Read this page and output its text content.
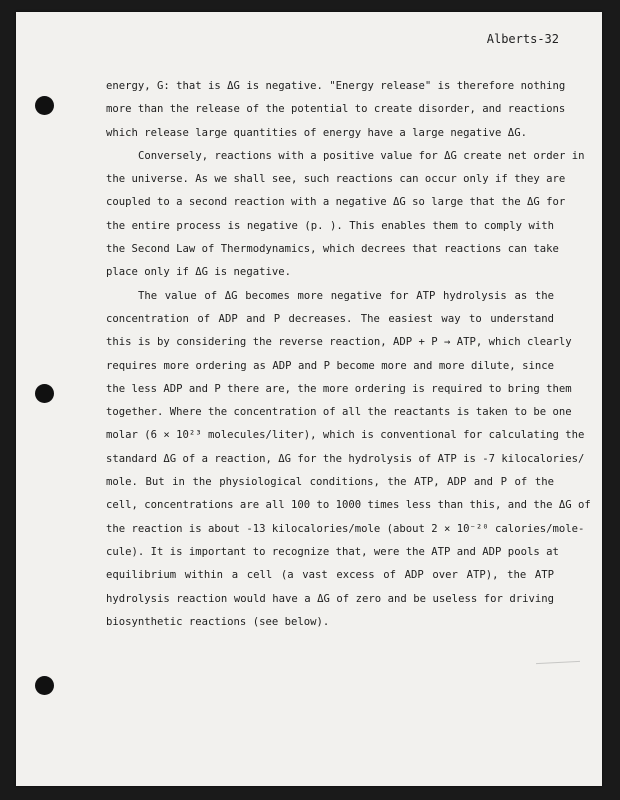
Alberts-32
energy, G: that is ΔG is negative. "Energy release" is therefore nothing
more than the release of the potential to create disorder, and reactions
which release large quantities of energy have a large negative ΔG.
Conversely, reactions with a positive value for ΔG create net order in
the universe. As we shall see, such reactions can occur only if they are
coupled to a second reaction with a negative ΔG so large that the ΔG for
the entire process is negative (p. ). This enables them to comply with
the Second Law of Thermodynamics, which decrees that reactions can take
place only if ΔG is negative.
The value of ΔG becomes more negative for ATP hydrolysis as the
concentration of ADP and P decreases. The easiest way to understand
this is by considering the reverse reaction, ADP + P → ATP, which clearly
requires more ordering as ADP and P become more and more dilute, since
the less ADP and P there are, the more ordering is required to bring them
together. Where the concentration of all the reactants is taken to be one
molar (6 × 10²³ molecules/liter), which is conventional for calculating the
standard ΔG of a reaction, ΔG for the hydrolysis of ATP is -7 kilocalories/
mole. But in the physiological conditions, the ATP, ADP and P of the
cell, concentrations are all 100 to 1000 times less than this, and the ΔG of
the reaction is about -13 kilocalories/mole (about 2 × 10⁻²⁰ calories/mole-
cule). It is important to recognize that, were the ATP and ADP pools at
equilibrium within a cell (a vast excess of ADP over ATP), the ATP
hydrolysis reaction would have a ΔG of zero and be useless for driving
biosynthetic reactions (see below).
